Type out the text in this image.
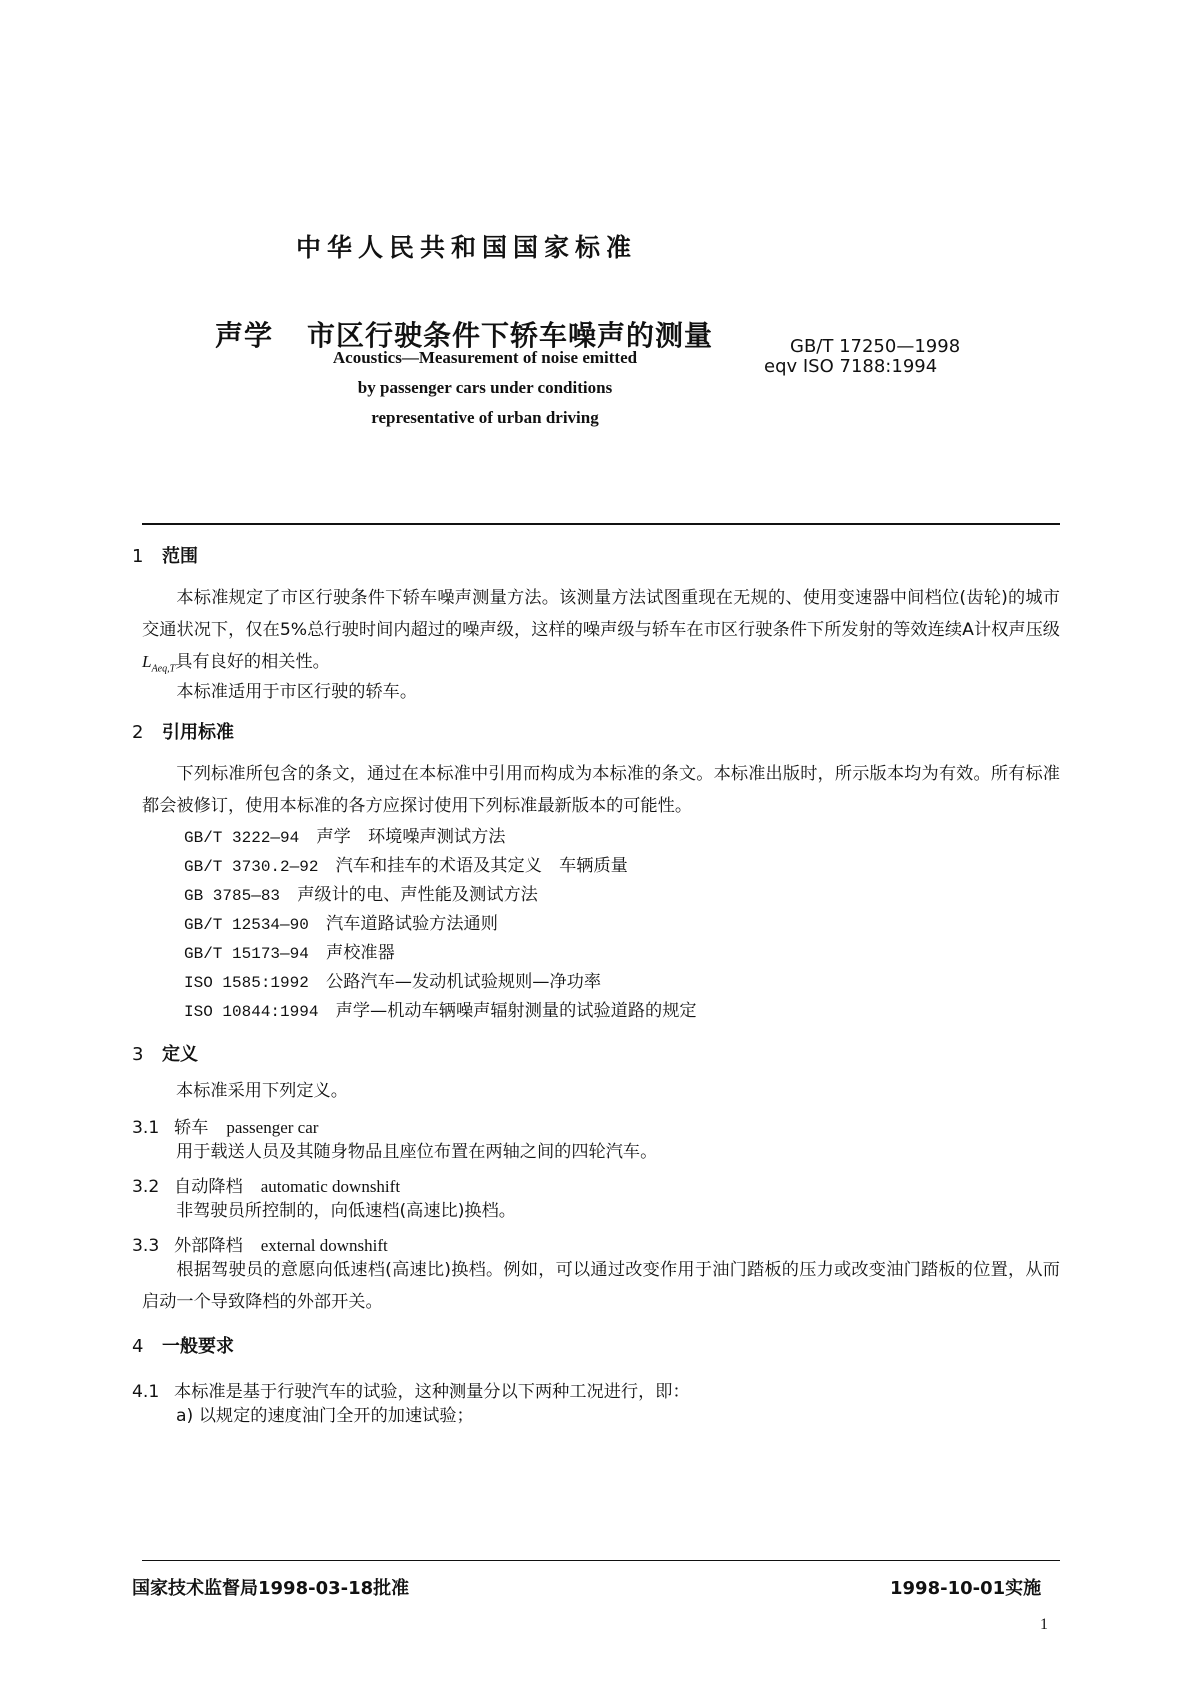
中华人民共和国国家标准
声学 市区行驶条件下轿车噪声的测量
Acoustics—Measurement of noise emitted
by passenger cars under conditions
representative of urban driving
GB/T 17250—1998
eqv ISO 7188:1994
1 范围
本标准规定了市区行驶条件下轿车噪声测量方法。该测量方法试图重现在无规的、使用变速器中间档位(齿轮)的城市交通状况下，仅在5%总行驶时间内超过的噪声级，这样的噪声级与轿车在市区行驶条件下所发射的等效连续A计权声压级$L_{Aeq,T}$具有良好的相关性。
本标准适用于市区行驶的轿车。
2 引用标准
下列标准所包含的条文，通过在本标准中引用而构成为本标准的条文。本标准出版时，所示版本均为有效。所有标准都会被修订，使用本标准的各方应探讨使用下列标准最新版本的可能性。
GB/T 3222—94　 声学　环境噪声测试方法
GB/T 3730.2—92　 汽车和挂车的术语及其定义　车辆质量
GB 3785—83　 声级计的电、声性能及测试方法
GB/T 12534—90　 汽车道路试验方法通则
GB/T 15173—94　 声校准器
ISO 1585:1992　 公路汽车—发动机试验规则—净功率
ISO 10844:1994　 声学—机动车辆噪声辐射测量的试验道路的规定
3 定义
本标准采用下列定义。
3.1 轿车 passenger car
用于载送人员及其随身物品且座位布置在两轴之间的四轮汽车。
3.2 自动降档 automatic downshift
非驾驶员所控制的，向低速档(高速比)换档。
3.3 外部降档 external downshift
根据驾驶员的意愿向低速档(高速比)换档。例如，可以通过改变作用于油门踏板的压力或改变油门踏板的位置，从而启动一个导致降档的外部开关。
4 一般要求
4.1 本标准是基于行驶汽车的试验，这种测量分以下两种工况进行，即：
a) 以规定的速度油门全开的加速试验；
国家技术监督局1998-03-18批准	1998-10-01实施
1
